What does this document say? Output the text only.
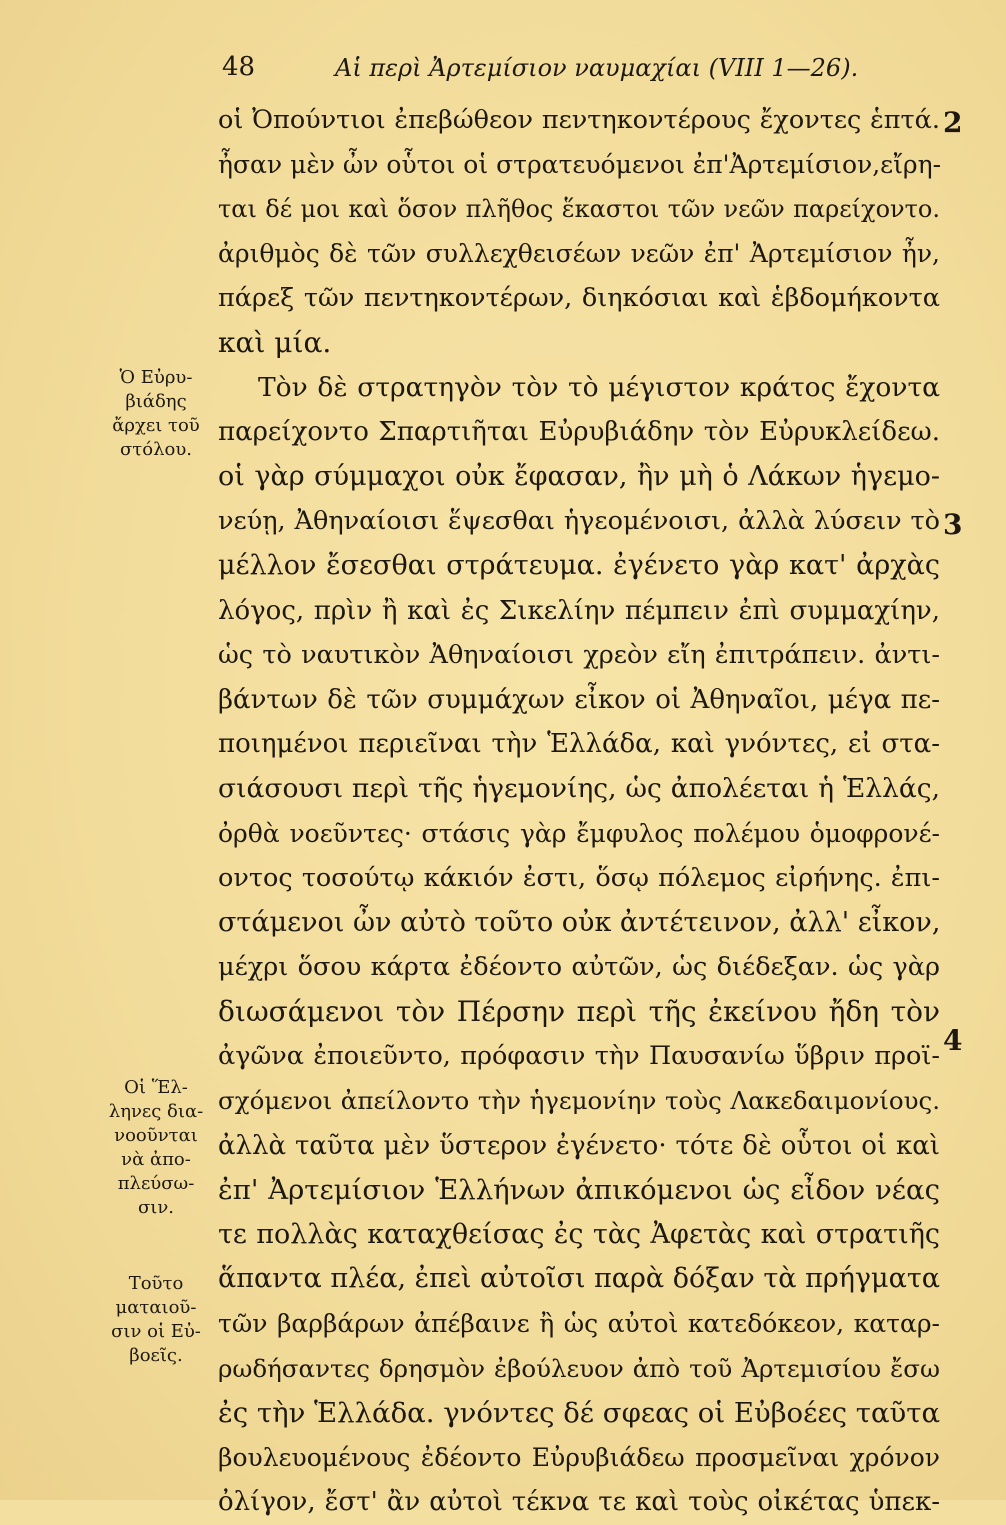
48	Αἱ περὶ Ἀρτεμίσιον ναυμαχίαι (VIII 1—26).
οἱ Ὀπούντιοι ἐπεβώθεον πεντηκοντέρους ἔχοντες ἑπτά.
ἦσαν μὲν ὦν οὗτοι οἱ στρατευόμενοι ἐπ'Ἀρτεμίσιον,εἴρη-
ται δέ μοι καὶ ὅσον πλῆθος ἕκαστοι τῶν νεῶν παρείχοντο.
ἀριθμὸς δὲ τῶν συλλεχθεισέων νεῶν ἐπ' Ἀρτεμίσιον ἦν,
πάρεξ τῶν πεντηκοντέρων, διηκόσιαι καὶ ἑβδομήκοντα
καὶ μία.
Τὸν δὲ στρατηγὸν τὸν τὸ μέγιστον κράτος ἔχοντα
παρείχοντο Σπαρτιῆται Εὐρυβιάδην τὸν Εὐρυκλείδεω.
οἱ γὰρ σύμμαχοι οὐκ ἔφασαν, ἢν μὴ ὁ Λάκων ἡγεμο-
νεύῃ, Ἀθηναίοισι ἕψεσθαι ἡγεομένοισι, ἀλλὰ λύσειν τὸ
μέλλον ἔσεσθαι στράτευμα. ἐγένετο γὰρ κατ' ἀρχὰς
λόγος, πρὶν ἢ καὶ ἐς Σικελίην πέμπειν ἐπὶ συμμαχίην,
ὡς τὸ ναυτικὸν Ἀθηναίοισι χρεὸν εἴη ἐπιτράπειν. ἀντι-
βάντων δὲ τῶν συμμάχων εἶκον οἱ Ἀθηναῖοι, μέγα πε-
ποιημένοι περιεῖναι τὴν Ἑλλάδα, καὶ γνόντες, εἰ στα-
σιάσουσι περὶ τῆς ἡγεμονίης, ὡς ἀπολέεται ἡ Ἑλλάς,
ὀρθὰ νοεῦντες· στάσις γὰρ ἔμφυλος πολέμου ὁμοφρονέ-
οντος τοσούτῳ κάκιόν ἐστι, ὅσῳ πόλεμος εἰρήνης. ἐπι-
στάμενοι ὦν αὐτὸ τοῦτο οὐκ ἀντέτεινον, ἀλλ' εἶκον,
μέχρι ὅσου κάρτα ἐδέοντο αὐτῶν, ὡς διέδεξαν. ὡς γὰρ
διωσάμενοι τὸν Πέρσην περὶ τῆς ἐκείνου ἤδη τὸν
ἀγῶνα ἐποιεῦντο, πρόφασιν τὴν Παυσανίω ὕβριν προϊ-
σχόμενοι ἀπείλοντο τὴν ἡγεμονίην τοὺς Λακεδαιμονίους.
ἀλλὰ ταῦτα μὲν ὕστερον ἐγένετο· τότε δὲ οὗτοι οἱ καὶ
ἐπ' Ἀρτεμίσιον Ἑλλήνων ἀπικόμενοι ὡς εἶδον νέας
τε πολλὰς καταχθείσας ἐς τὰς Ἀφετὰς καὶ στρατιῆς
ἅπαντα πλέα, ἐπεὶ αὐτοῖσι παρὰ δόξαν τὰ πρήγματα
τῶν βαρβάρων ἀπέβαινε ἢ ὡς αὐτοὶ κατεδόκεον, καταρ-
ρωδήσαντες δρησμὸν ἐβούλευον ἀπὸ τοῦ Ἀρτεμισίου ἔσω
ἐς τὴν Ἑλλάδα. γνόντες δέ σφεας οἱ Εὐβοέες ταῦτα
βουλευομένους ἐδέοντο Εὐρυβιάδεω προσμεῖναι χρόνον
ὀλίγον, ἔστ' ἂν αὐτοὶ τέκνα τε καὶ τοὺς οἰκέτας ὑπεκ-
2
3
4
Ὁ Εὐρυ-
βιάδης
ἄρχει τοῦ
στόλου.
Οἱ Ἕλ-
ληνες δια-
νοοῦνται
νὰ ἀπο-
πλεύσω-
σιν.
Τοῦτο
ματαιοῦ-
σιν οἱ Εὐ-
βοεῖς.
